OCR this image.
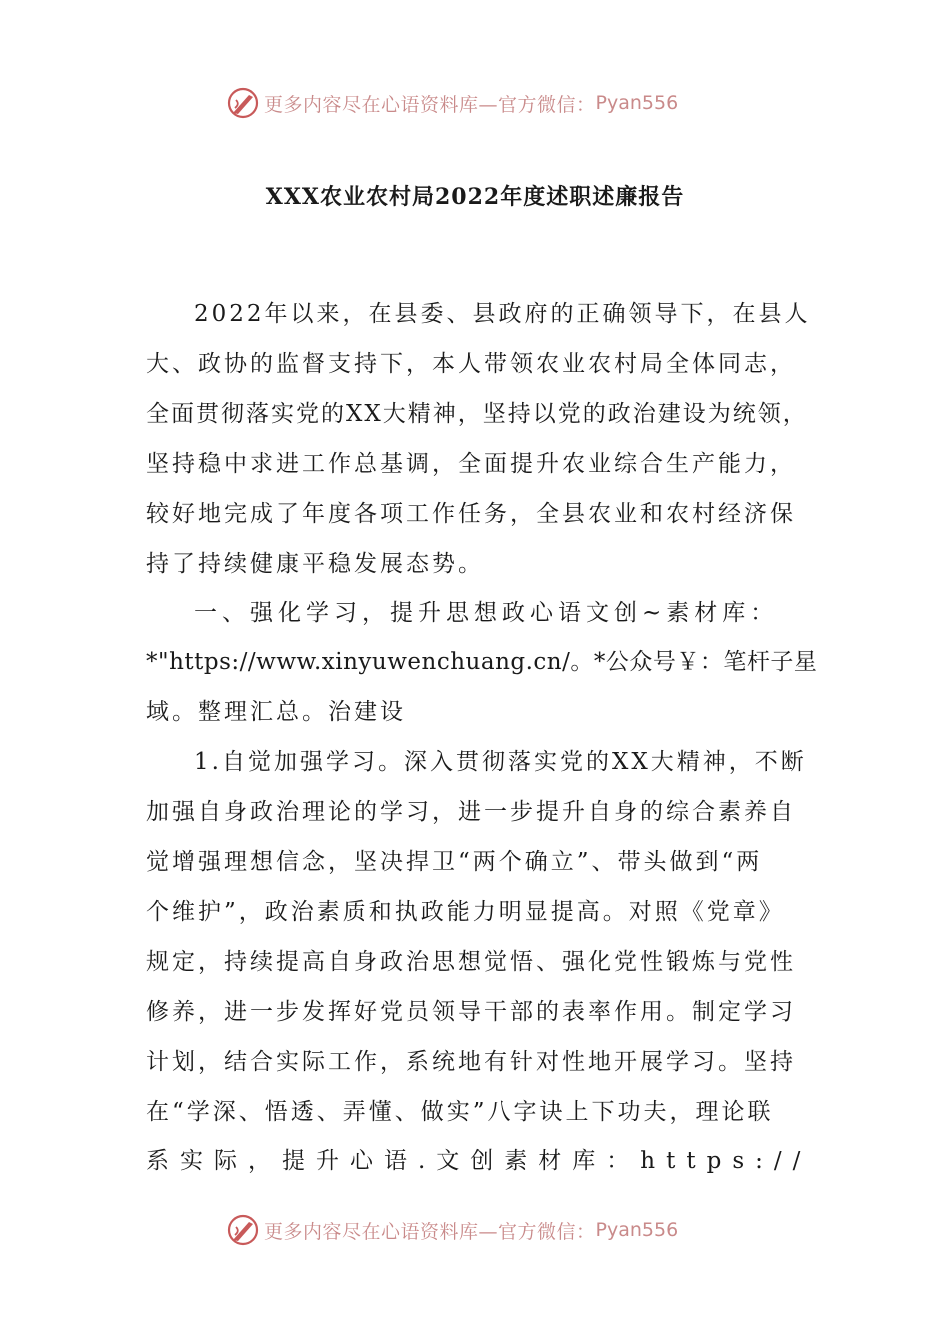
更多内容尽在心语资料库—官方微信： Pyan556
XXX农业农村局2022年度述职述廉报告
2022年以来，在县委、县政府的正确领导下，在县人
大、政协的监督支持下，本人带领农业农村局全体同志，
全面贯彻落实党的XX大精神，坚持以党的政治建设为统领，
坚持稳中求进工作总基调，全面提升农业综合生产能力，
较好地完成了年度各项工作任务，全县农业和农村经济保
持了持续健康平稳发展态势。
一、强化学习，提升思想政心语文创~素材库：
*"https://www.xinyuwenchuang.cn/。*公众号￥：笔杆子星
域。整理汇总。治建设
1.自觉加强学习。深入贯彻落实党的XX大精神，不断
加强自身政治理论的学习，进一步提升自身的综合素养自
觉增强理想信念，坚决捍卫“两个确立”、带头做到“两
个维护”，政治素质和执政能力明显提高。对照《党章》
规定，持续提高自身政治思想觉悟、强化党性锻炼与党性
修养，进一步发挥好党员领导干部的表率作用。制定学习
计划，结合实际工作，系统地有针对性地开展学习。坚持
在“学深、悟透、弄懂、做实”八字诀上下功夫，理论联
系实际，提升心语.文创素材库：https://
更多内容尽在心语资料库—官方微信： Pyan556
